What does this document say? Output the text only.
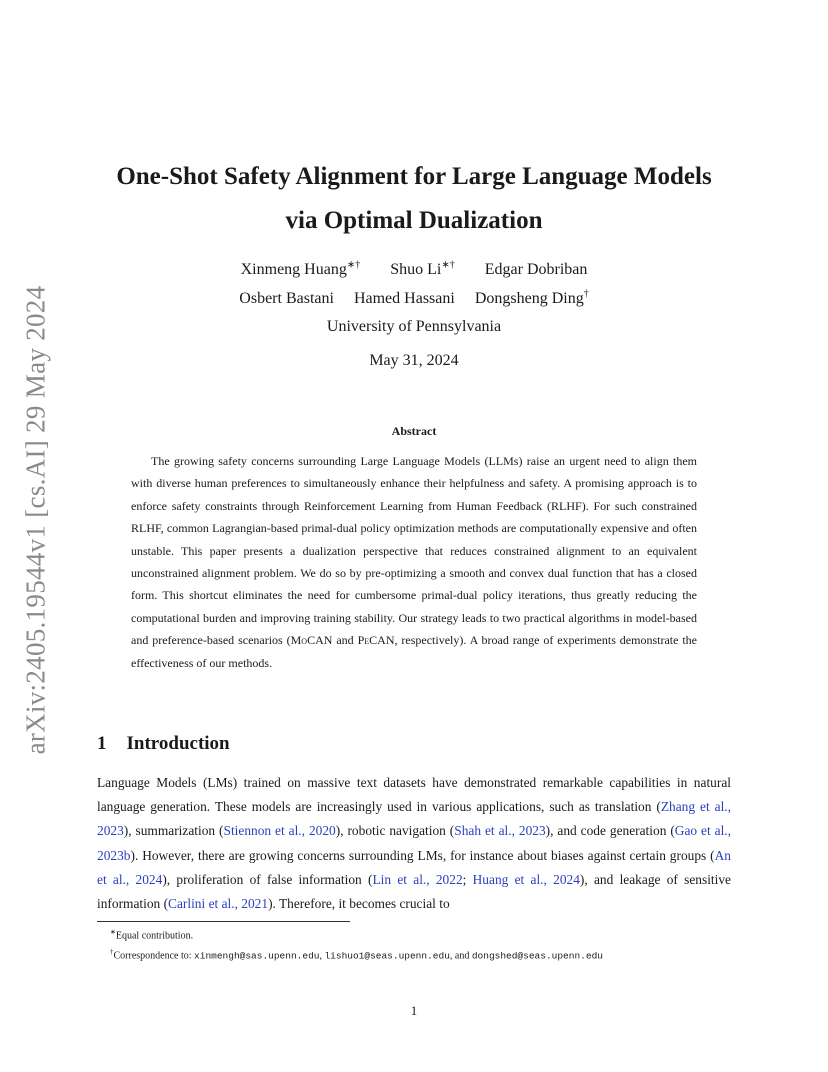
arXiv:2405.19544v1 [cs.AI] 29 May 2024
One-Shot Safety Alignment for Large Language Models
via Optimal Dualization
Xinmeng Huang∗† Shuo Li∗† Edgar Dobriban
Osbert Bastani Hamed Hassani Dongsheng Ding†
University of Pennsylvania
May 31, 2024
Abstract
The growing safety concerns surrounding Large Language Models (LLMs) raise an urgent need to align them with diverse human preferences to simultaneously enhance their helpfulness and safety. A promising approach is to enforce safety constraints through Reinforcement Learning from Human Feedback (RLHF). For such constrained RLHF, common Lagrangian-based primal-dual policy optimization methods are computationally expensive and often unstable. This paper presents a dualization perspective that reduces constrained alignment to an equivalent unconstrained alignment problem. We do so by pre-optimizing a smooth and convex dual function that has a closed form. This shortcut eliminates the need for cumbersome primal-dual policy iterations, thus greatly reducing the computational burden and improving training stability. Our strategy leads to two practical algorithms in model-based and preference-based scenarios (MoCAN and PeCAN, respectively). A broad range of experiments demonstrate the effectiveness of our methods.
1 Introduction
Language Models (LMs) trained on massive text datasets have demonstrated remarkable capabilities in natural language generation. These models are increasingly used in various applications, such as translation (Zhang et al., 2023), summarization (Stiennon et al., 2020), robotic navigation (Shah et al., 2023), and code generation (Gao et al., 2023b). However, there are growing concerns surrounding LMs, for instance about biases against certain groups (An et al., 2024), proliferation of false information (Lin et al., 2022; Huang et al., 2024), and leakage of sensitive information (Carlini et al., 2021). Therefore, it becomes crucial to
∗Equal contribution.
†Correspondence to: xinmengh@sas.upenn.edu, lishuo1@seas.upenn.edu, and dongshed@seas.upenn.edu
1
